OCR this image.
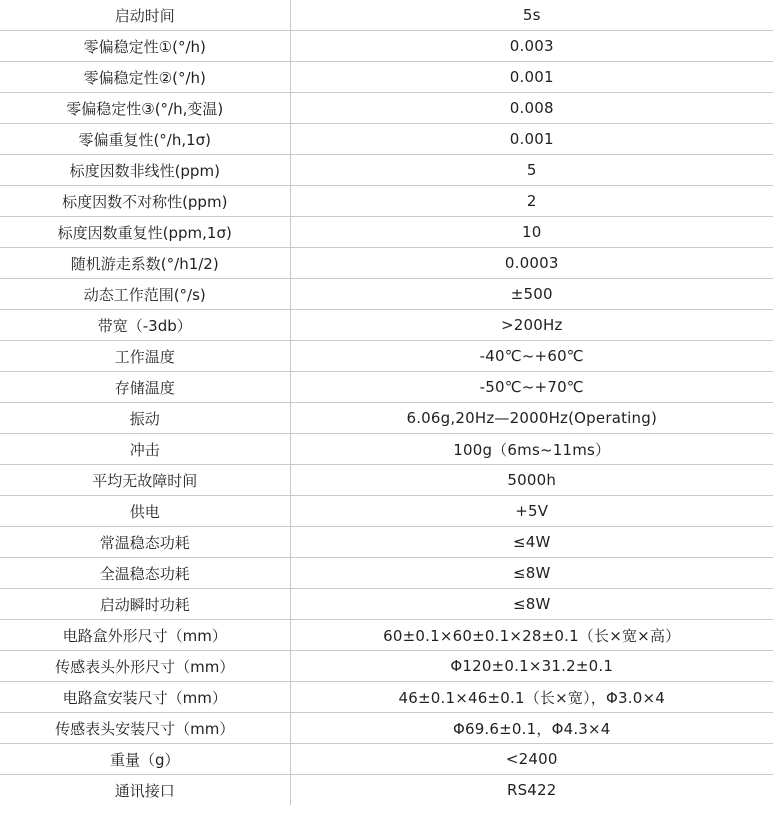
启动时间	5s
零偏稳定性①(°/h)	0.003
零偏稳定性②(°/h)	0.001
零偏稳定性③(°/h,变温)	0.008
零偏重复性(°/h,1σ)	0.001
标度因数非线性(ppm)	5
标度因数不对称性(ppm)	2
标度因数重复性(ppm,1σ)	10
随机游走系数(°/h1/2)	0.0003
动态工作范围(°/s)	±500
带宽（-3db）	>200Hz
工作温度	-40℃~+60℃
存储温度	-50℃~+70℃
振动	6.06g,20Hz—2000Hz(Operating)
冲击	100g（6ms~11ms）
平均无故障时间	5000h
供电	+5V
常温稳态功耗	≤4W
全温稳态功耗	≤8W
启动瞬时功耗	≤8W
电路盒外形尺寸（mm）	60±0.1×60±0.1×28±0.1（长×宽×高）
传感表头外形尺寸（mm）	Φ120±0.1×31.2±0.1
电路盒安装尺寸（mm）	46±0.1×46±0.1（长×宽），Φ3.0×4
传感表头安装尺寸（mm）	Φ69.6±0.1，Φ4.3×4
重量（g）	<2400
通讯接口	RS422
